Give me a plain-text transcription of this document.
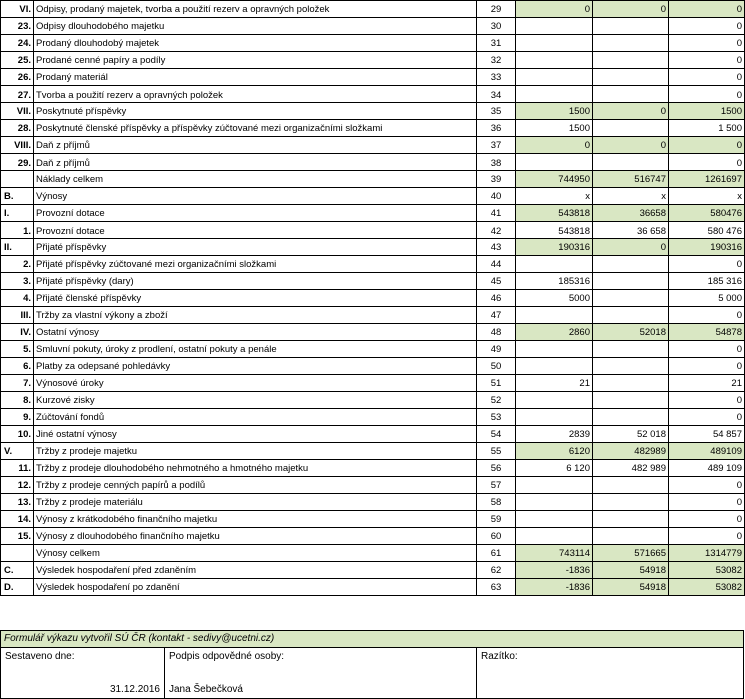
VI.	Odpisy, prodaný majetek, tvorba a použití rezerv a opravných položek	29	0	0	0
23.	Odpisy dlouhodobého majetku	30			0
24.	Prodaný dlouhodobý majetek	31			0
25.	Prodané cenné papíry a podíly	32			0
26.	Prodaný materiál	33			0
27.	Tvorba a použití rezerv a opravných položek	34			0
VII.	Poskytnuté příspěvky	35	1500	0	1500
28.	Poskytnuté členské příspěvky a příspěvky zúčtované mezi organizačními složkami	36	1500		1 500
VIII.	Daň z příjmů	37	0	0	0
29.	Daň z příjmů	38			0
	Náklady celkem	39	744950	516747	1261697
B.	Výnosy	40	x	x	x
I.	Provozní dotace	41	543818	36658	580476
1.	Provozní dotace	42	543818	36 658	580 476
II.	Přijaté příspěvky	43	190316	0	190316
2.	Přijaté příspěvky zúčtované mezi organizačními složkami	44			0
3.	Přijaté příspěvky (dary)	45	185316		185 316
4.	Přijaté členské příspěvky	46	5000		5 000
III.	Tržby za vlastní výkony a zboží	47			0
IV.	Ostatní výnosy	48	2860	52018	54878
5.	Smluvní pokuty, úroky z prodlení, ostatní pokuty a penále	49			0
6.	Platby za odepsané pohledávky	50			0
7.	Výnosové úroky	51	21		21
8.	Kurzové zisky	52			0
9.	Zúčtování fondů	53			0
10.	Jiné ostatní výnosy	54	2839	52 018	54 857
V.	Tržby z prodeje majetku	55	6120	482989	489109
11.	Tržby z prodeje dlouhodobého nehmotného a hmotného majetku	56	6 120	482 989	489 109
12.	Tržby z prodeje cenných papírů a podílů	57			0
13.	Tržby z prodeje materiálu	58			0
14.	Výnosy z krátkodobého finančního majetku	59			0
15.	Výnosy z dlouhodobého finančního majetku	60			0
	Výnosy celkem	61	743114	571665	1314779
C.	Výsledek hospodaření před zdaněním	62	-1836	54918	53082
D.	Výsledek hospodaření po zdanění	63	-1836	54918	53082
Formulář výkazu vytvořil SÚ ČR (kontakt - sedivy@ucetni.cz)
Sestaveno dne:
31.12.2016
Podpis odpovědné osoby:
Jana Šebečková
Razítko:
